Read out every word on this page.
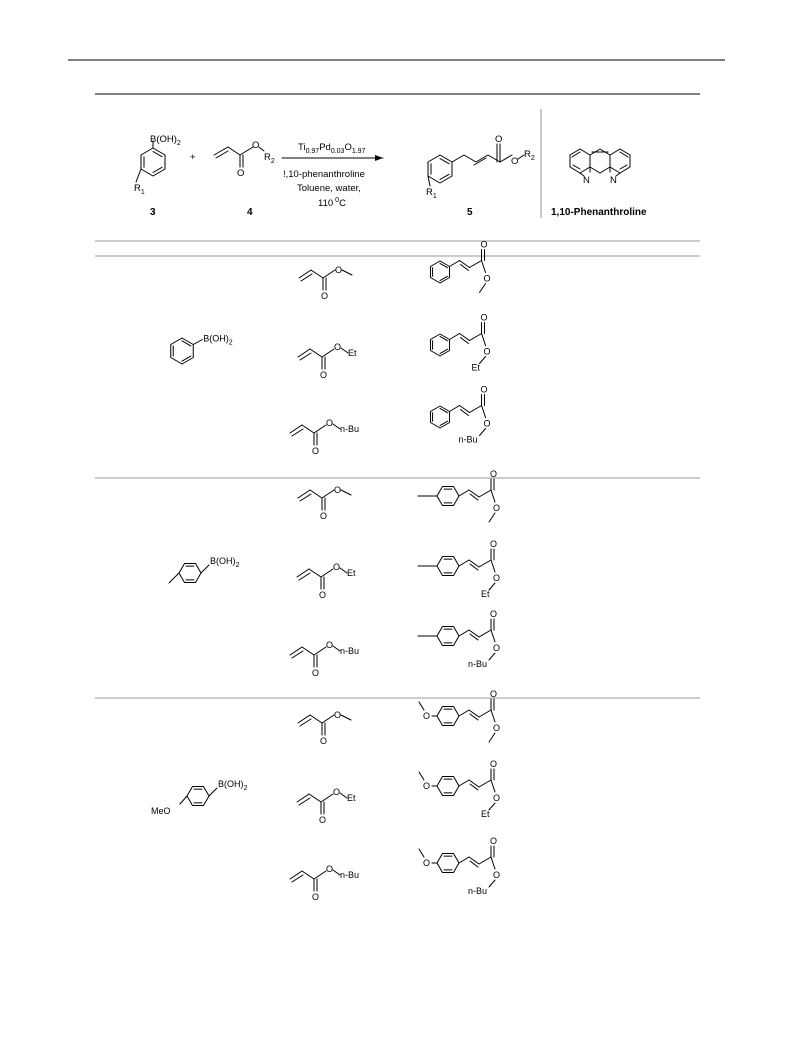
$B(OH)_2$
$R_1$
+
O
O
$R_2$
$Ti_{0.97}Pd_{0.03}O_{1.97}$
!,10-phenanthroline
Toluene, water,
110 $^0$C
O
O
$R_2$
$R_1$
3	4	5
N N
1,10-Phenanthroline
$B(OH)_2$
O
O
O
O
O
O
Et
O
O
Et
O
O
n-Bu
O
O
n-Bu
$B(OH)_2$
O
O
O
O
O
O
Et
O
O
Et
O
O
n-Bu
O
O
n-Bu
$B(OH)_2$
MeO
O
O	O
O
O
O
O
Et
O
O
O
Et
O
O
n-Bu
O
O
O
n-Bu
